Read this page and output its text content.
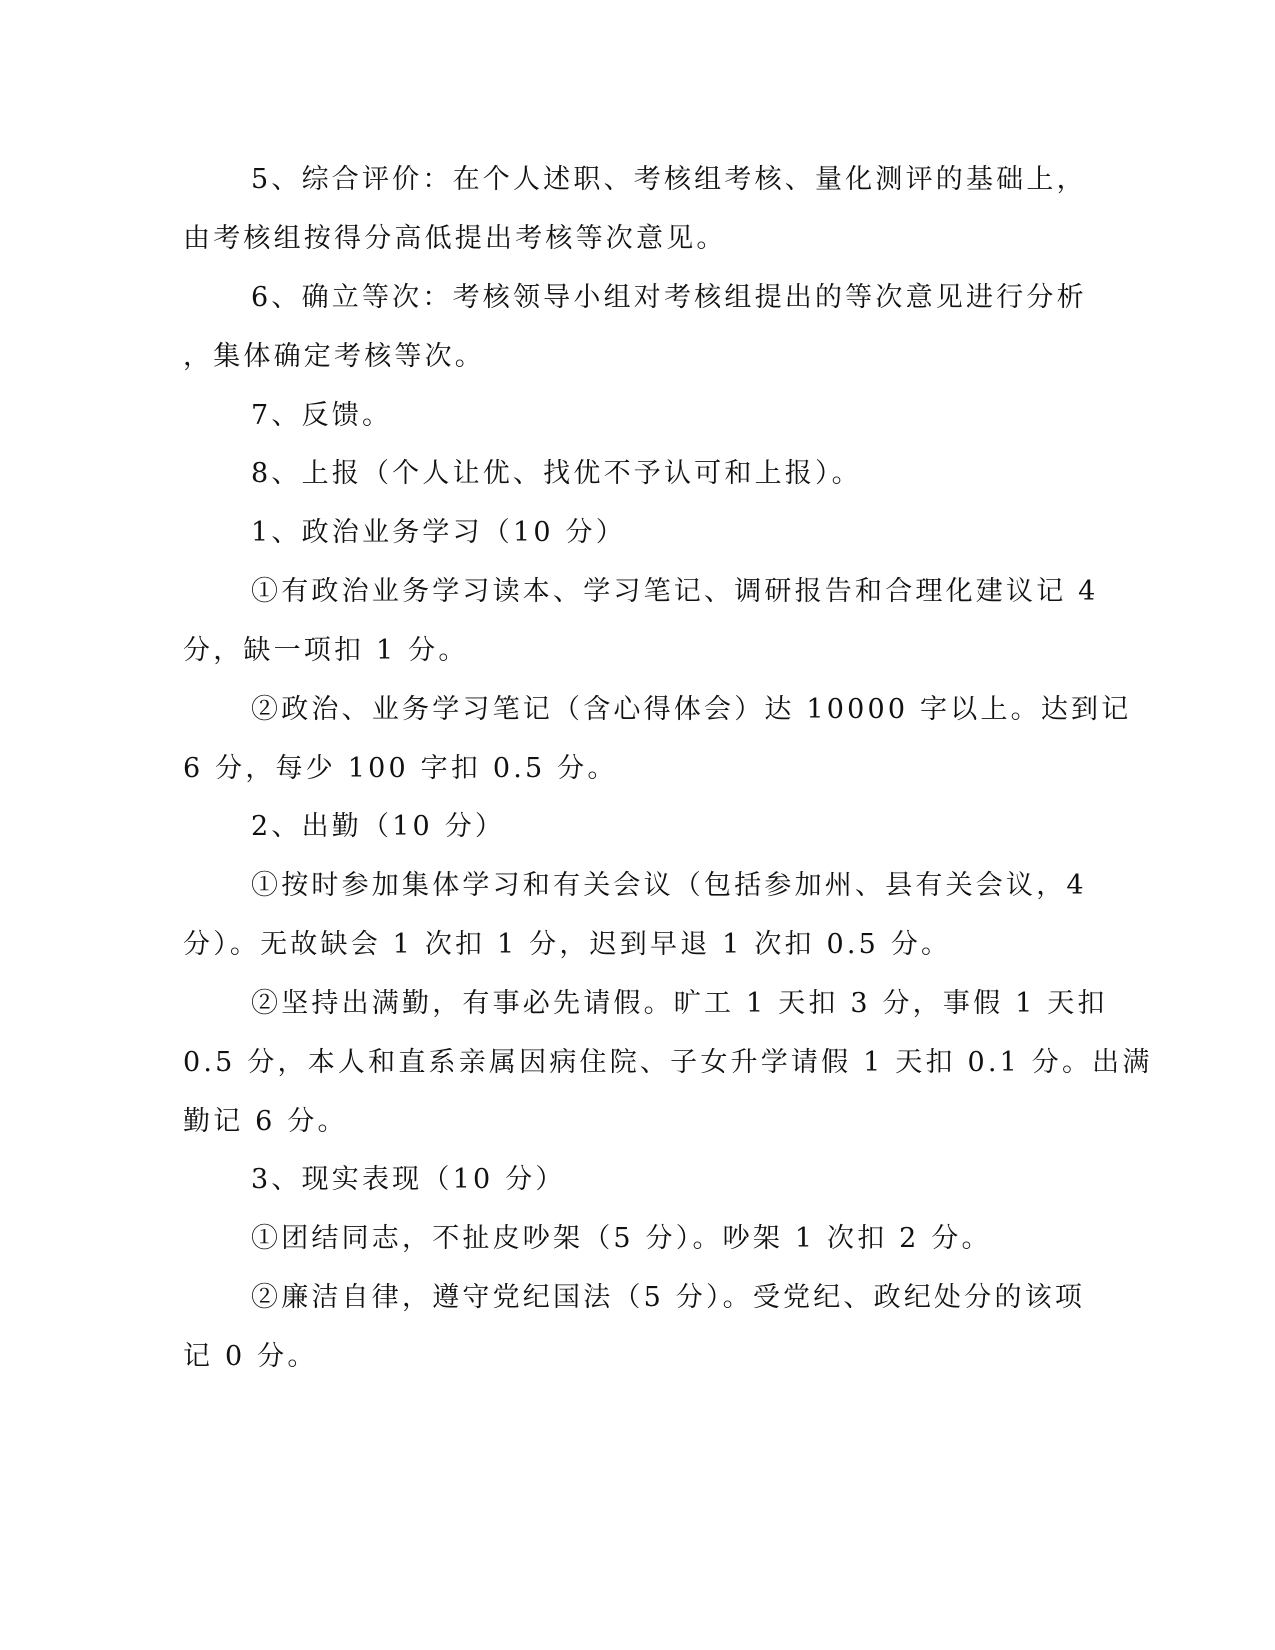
5、综合评价：在个人述职、考核组考核、量化测评的基础上，
由考核组按得分高低提出考核等次意见。
6、确立等次：考核领导小组对考核组提出的等次意见进行分析
，集体确定考核等次。
7、反馈。
8、上报（个人让优、找优不予认可和上报）。
1、政治业务学习（10 分）
①有政治业务学习读本、学习笔记、调研报告和合理化建议记 4
分，缺一项扣 1 分。
②政治、业务学习笔记（含心得体会）达 10000 字以上。达到记
6 分，每少 100 字扣 0.5 分。
2、出勤（10 分）
①按时参加集体学习和有关会议（包括参加州、县有关会议，4
分）。无故缺会 1 次扣 1 分，迟到早退 1 次扣 0.5 分。
②坚持出满勤，有事必先请假。旷工 1 天扣 3 分，事假 1 天扣
0.5 分，本人和直系亲属因病住院、子女升学请假 1 天扣 0.1 分。出满
勤记 6 分。
3、现实表现（10 分）
①团结同志，不扯皮吵架（5 分）。吵架 1 次扣 2 分。
②廉洁自律，遵守党纪国法（5 分）。受党纪、政纪处分的该项
记 0 分。
